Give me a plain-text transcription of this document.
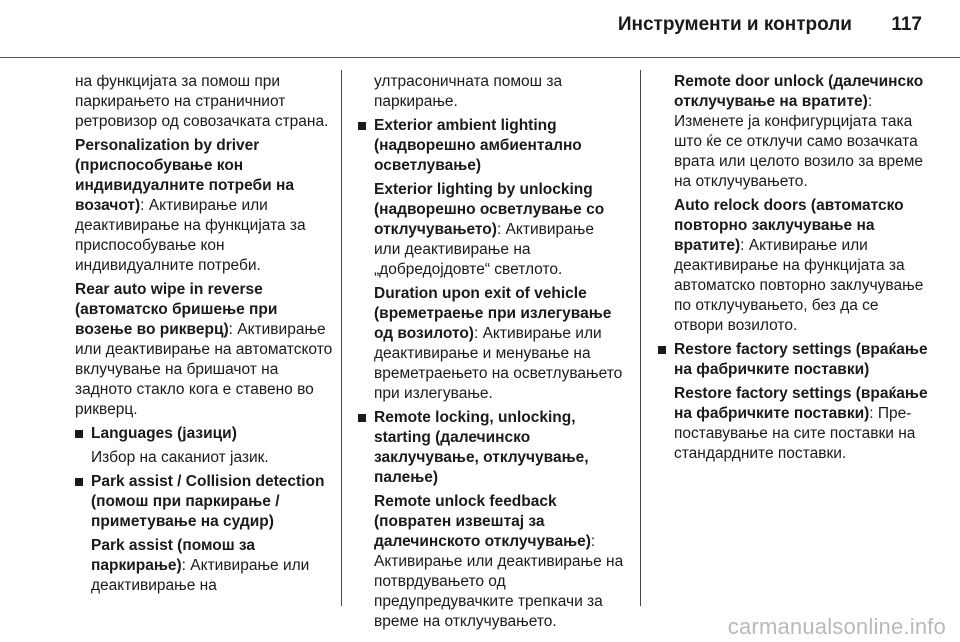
Инструменти и контроли 117

на функцијата за помош при паркирањето на страничниот ретровизор од совозачката страна.

Personalization by driver (приспособување кон индивидуалните потреби на возачот): Активирање или деактивирање на функцијата за приспособување кон индивидуалните потреби.

Rear auto wipe in reverse (автоматско бришење при возење во рикверц): Активирање или деактивирање на автоматското вклучување на бришачот на задното стакло кога е ставено во рикверц.

Languages (јазици)

Избор на саканиот јазик.

Park assist / Collision detection (помош при паркирање / приметување на судир)

Park assist (помош за паркирање): Активирање или деактивирање на

ултрасоничната помош за паркирање.

Exterior ambient lighting (надворешно амбиентално осветлување)

Exterior lighting by unlocking (надворешно осветлување со отклучувањето): Активирање или деактивирање на „добредојдовте“ светлото.

Duration upon exit of vehicle (времетраење при излегување од возилото): Активирање или деактивирање и менување на времетраењето на осветлувањето при излегување.

Remote locking, unlocking, starting (далечинско заклучување, отклучување, палење)

Remote unlock feedback (повратен извештај за далечинското отклучување): Активирање или деактивирање на потврдувањето од предупредувачките трепкачи за време на отклучувањето.

Remote door unlock (далечинско отклучување на вратите): Изменете ја конфигурцијата така што ќе се отклучи само возачката врата или целото возило за време на отклучувањето.

Auto relock doors (автоматско повторно заклучување на вратите): Активирање или деактивирање на функцијата за автоматско повторно заклучување по отклучувањето, без да се отвори возилото.

Restore factory settings (враќање на фабричките поставки)

Restore factory settings (враќање на фабричките поставки): Препоставување на сите поставки на стандардните поставки.

carmanualsonline.info
